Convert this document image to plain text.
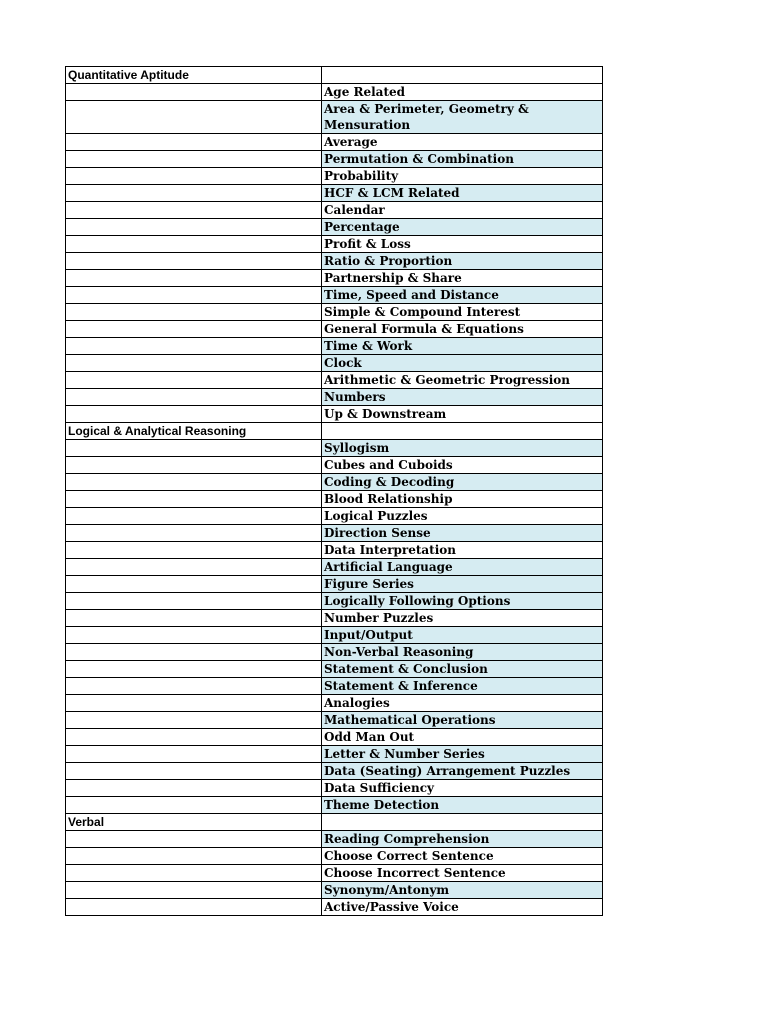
Quantitative Aptitude	
	Age Related
	Area & Perimeter, Geometry & Mensuration
	Average
	Permutation & Combination
	Probability
	HCF & LCM Related
	Calendar
	Percentage
	Profit & Loss
	Ratio & Proportion
	Partnership & Share
	Time, Speed and Distance
	Simple & Compound Interest
	General Formula & Equations
	Time & Work
	Clock
	Arithmetic & Geometric Progression
	Numbers
	Up & Downstream
Logical & Analytical Reasoning	
	Syllogism
	Cubes and Cuboids
	Coding & Decoding
	Blood Relationship
	Logical Puzzles
	Direction Sense
	Data Interpretation
	Artificial Language
	Figure Series
	Logically Following Options
	Number Puzzles
	Input/Output
	Non-Verbal Reasoning
	Statement & Conclusion
	Statement & Inference
	Analogies
	Mathematical Operations
	Odd Man Out
	Letter & Number Series
	Data (Seating) Arrangement Puzzles
	Data Sufficiency
	Theme Detection
Verbal	
	Reading Comprehension
	Choose Correct Sentence
	Choose Incorrect Sentence
	Synonym/Antonym
	Active/Passive Voice
